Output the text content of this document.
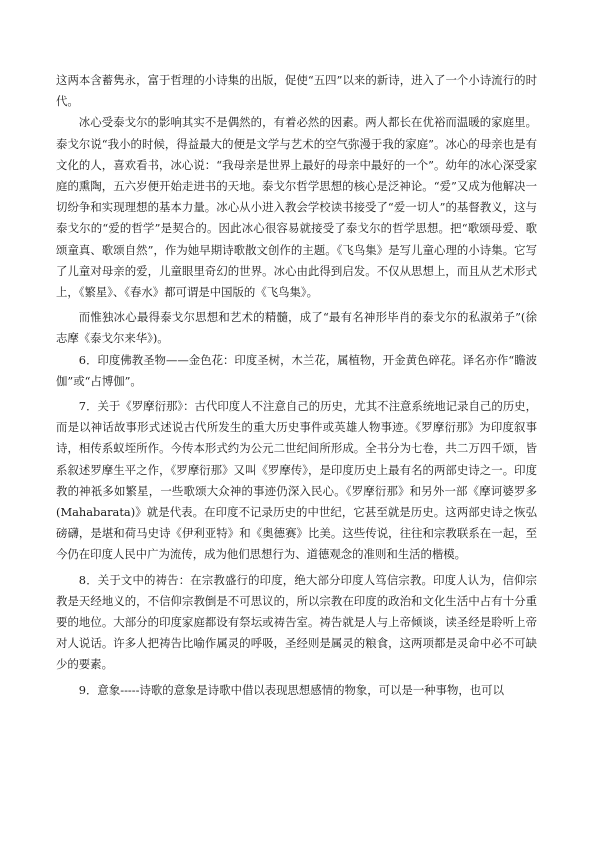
这两本含蓄隽永，富于哲理的小诗集的出版，促使“五四”以来的新诗，进入了一个小诗流行的时代。

冰心受泰戈尔的影响其实不是偶然的，有着必然的因素。两人都长在优裕而温暖的家庭里。泰戈尔说“我小的时候，得益最大的便是文学与艺术的空气弥漫于我的家庭”。冰心的母亲也是有文化的人，喜欢看书，冰心说：“我母亲是世界上最好的母亲中最好的一个”。幼年的冰心深受家庭的熏陶，五六岁便开始走进书的天地。泰戈尔哲学思想的核心是泛神论。“爱”又成为他解决一切纷争和实现理想的基本力量。冰心从小进入教会学校读书接受了“爱一切人”的基督教义，这与泰戈尔的“爱的哲学”是契合的。因此冰心很容易就接受了泰戈尔的哲学思想。把“歌颂母爱、歌颂童真、歌颂自然”，作为她早期诗歌散文创作的主题。《飞鸟集》是写儿童心理的小诗集。它写了儿童对母亲的爱，儿童眼里奇幻的世界。冰心由此得到启发。不仅从思想上，而且从艺术形式上，《繁星》、《春水》都可谓是中国版的《飞鸟集》。

而惟独冰心最得泰戈尔思想和艺术的精髓，成了“最有名神形毕肖的泰戈尔的私淑弟子”(徐志摩《泰戈尔来华》)。

6．印度佛教圣物——金色花：印度圣树，木兰花，属植物，开金黄色碎花。译名亦作“瞻波伽”或“占博伽”。

7．关于《罗摩衍那》：古代印度人不注意自己的历史，尤其不注意系统地记录自己的历史，而是以神话故事形式述说古代所发生的重大历史事件或英雄人物事迹。《罗摩衍那》为印度叙事诗，相传系蚁垤所作。今传本形式约为公元二世纪间所形成。全书分为七卷，共二万四千颂，皆系叙述罗摩生平之作，《罗摩衍那》又叫《罗摩传》，是印度历史上最有名的两部史诗之一。印度教的神祇多如繁星，一些歌颂大众神的事迹仍深入民心。《罗摩衍那》和另外一部《摩诃婆罗多(Mahabarata)》就是代表。在印度不记录历史的中世纪，它甚至就是历史。这两部史诗之恢弘磅礴，是堪和荷马史诗《伊利亚特》和《奥德赛》比美。这些传说，往往和宗教联系在一起，至今仍在印度人民中广为流传，成为他们思想行为、道德观念的准则和生活的楷模。

8．关于文中的祷告：在宗教盛行的印度，绝大部分印度人笃信宗教。印度人认为，信仰宗教是天经地义的，不信仰宗教倒是不可思议的，所以宗教在印度的政治和文化生活中占有十分重要的地位。大部分的印度家庭都设有祭坛或祷告室。祷告就是人与上帝倾谈，读圣经是聆听上帝对人说话。许多人把祷告比喻作属灵的呼吸，圣经则是属灵的粮食，这两项都是灵命中必不可缺少的要素。

9．意象-----诗歌的意象是诗歌中借以表现思想感情的物象，可以是一种事物，也可以
